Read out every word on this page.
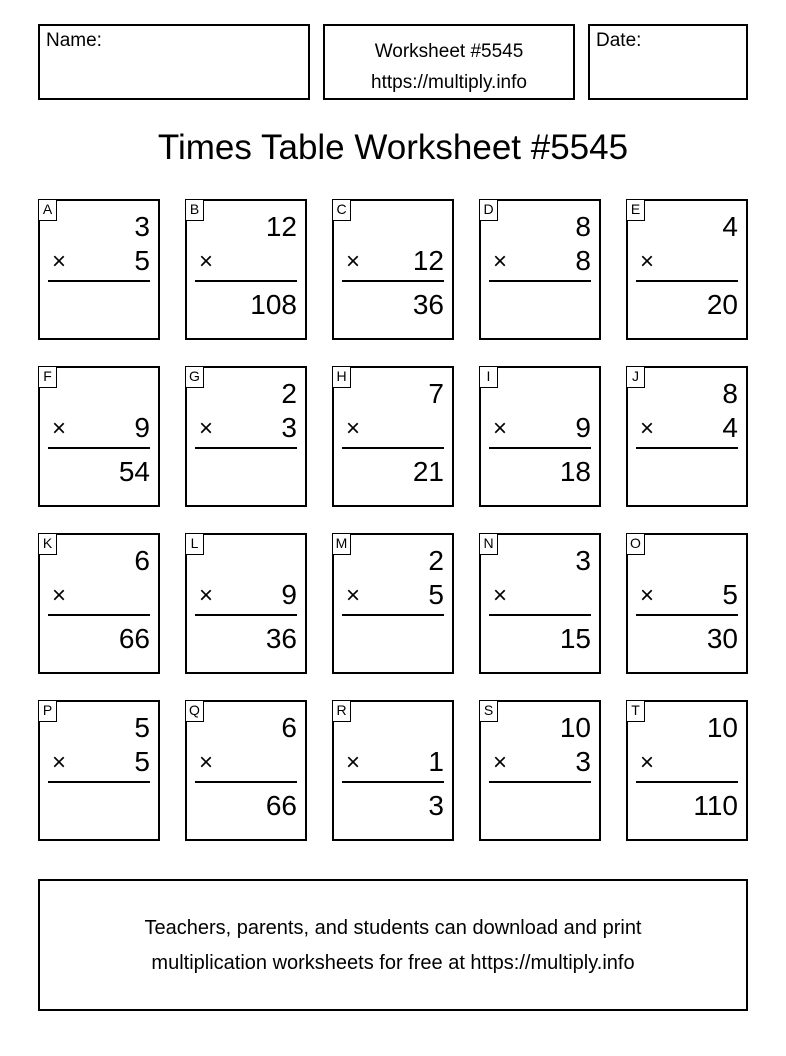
Name:
Worksheet #5545
https://multiply.info
Date:
Times Table Worksheet #5545
A
3
× 5
B
12
×
108
C
× 12
36
D
8
× 8
E
4
×
20
F
× 9
54
G
2
× 3
H
7
×
21
I
× 9
18
J
8
× 4
K
6
×
66
L
× 9
36
M
2
× 5
N
3
×
15
O
× 5
30
P
5
× 5
Q
6
×
66
R
× 1
3
S
10
× 3
T
10
×
110
Teachers, parents, and students can download and print
multiplication worksheets for free at https://multiply.info
